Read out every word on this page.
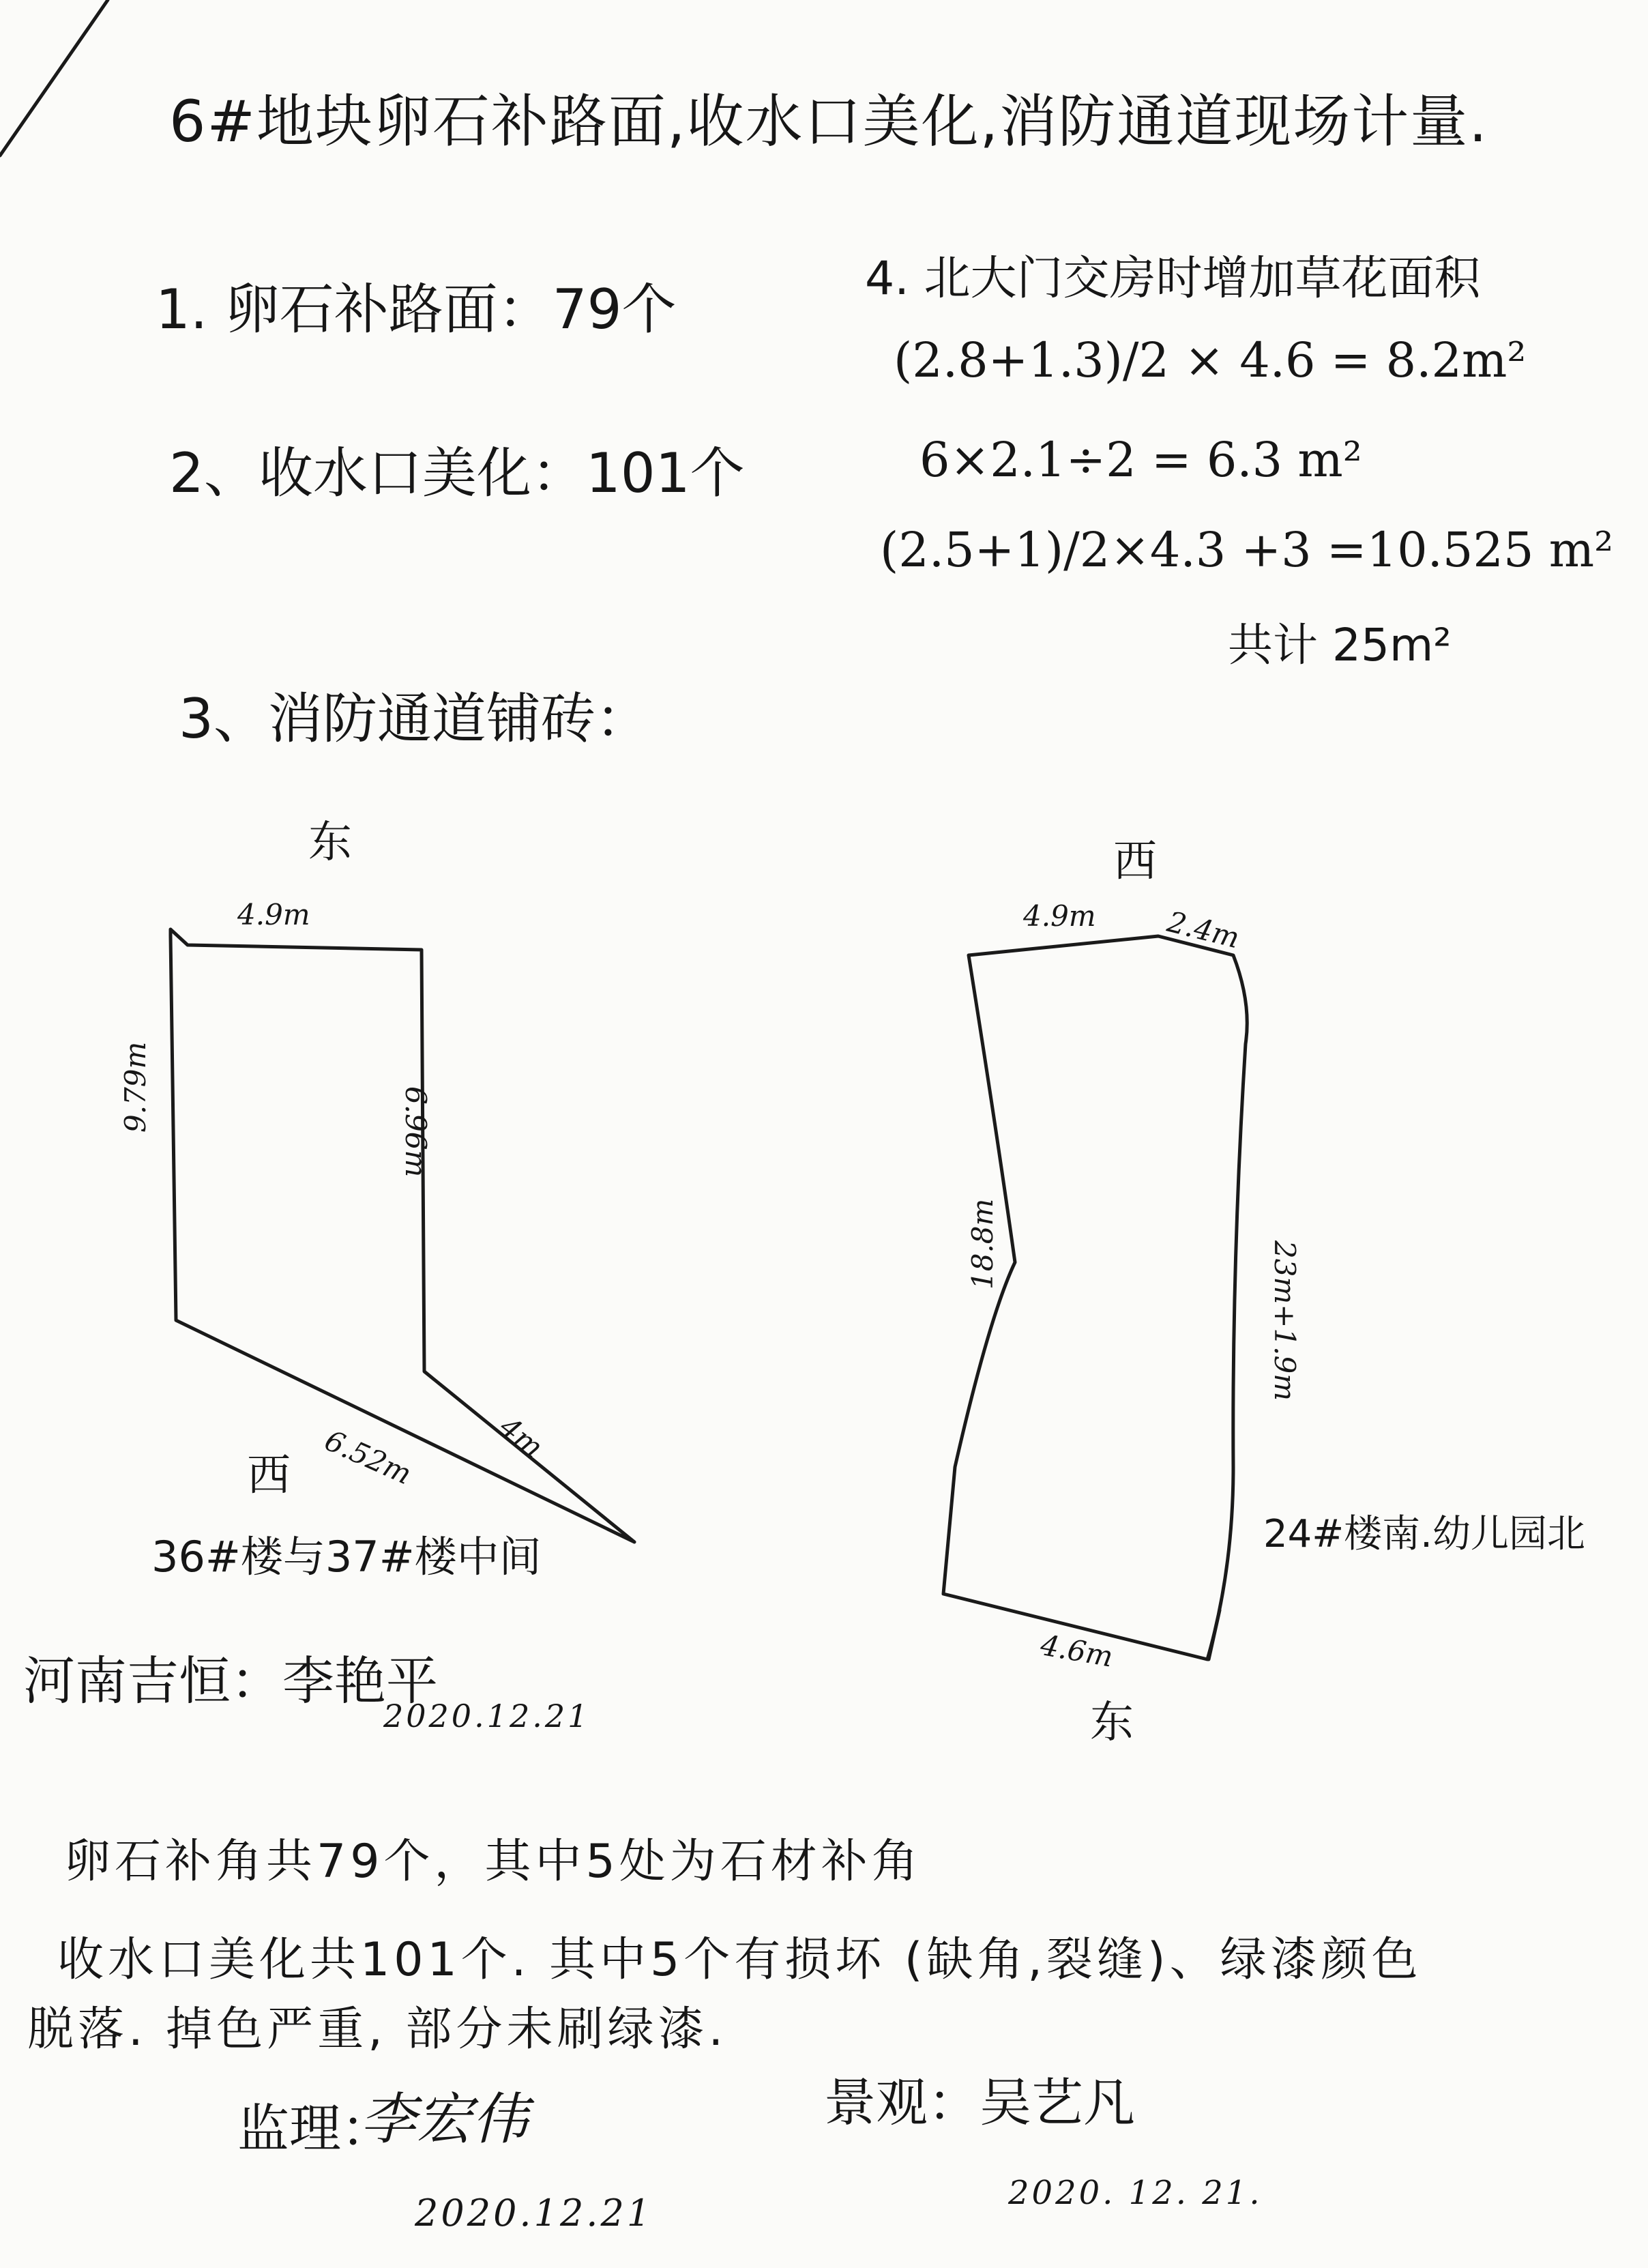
6#地块卵石补路面,收水口美化,消防通道现场计量.
1. 卵石补路面：79个
2、收水口美化：101个
3、消防通道铺砖：
4. 北大门交房时增加草花面积
(2.8+1.3)/2 × 4.6 = 8.2m²
6×2.1÷2 = 6.3 m²
(2.5+1)/2×4.3 +3 =10.525 m²
共计 25m²
东
4.9m
9.79m	6.96m
6.52m	4m
西
36#楼与37#楼中间
西
4.9m 2.4m
18.8m	23m+1.9m
4.6m
东
24#楼南.幼儿园北
河南吉恒：李艳平
2020.12.21
卵石补角共79个，其中5处为石材补角
收水口美化共101个. 其中5个有损坏 (缺角,裂缝)、绿漆颜色
脱落. 掉色严重, 部分未刷绿漆.
监理：
李宏伟
2020.12.21
景观：吴艺凡
2020. 12. 21.
